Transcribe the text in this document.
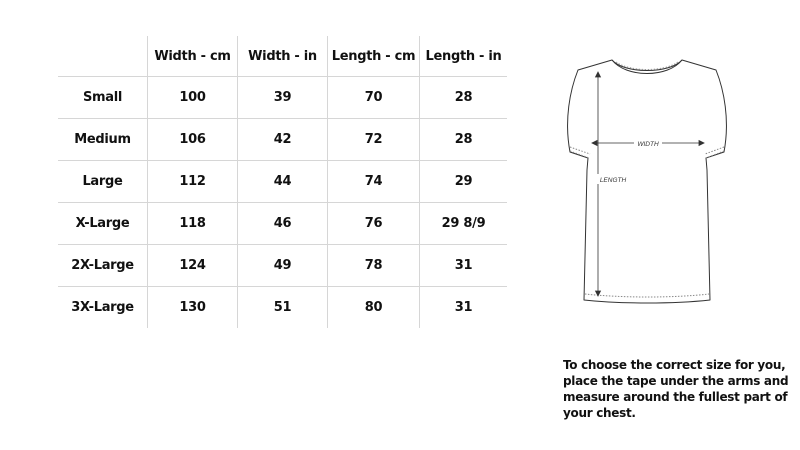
	Width - cm	Width - in	Length - cm	Length - in
Small	100	39	70	28
Medium	106	42	72	28
Large	112	44	74	29
X-Large	118	46	76	29 8/9
2X-Large	124	49	78	31
3X-Large	130	51	80	31
WIDTH
LENGTH
To choose the correct size for you,
place the tape under the arms and
measure around the fullest part of
your chest.
